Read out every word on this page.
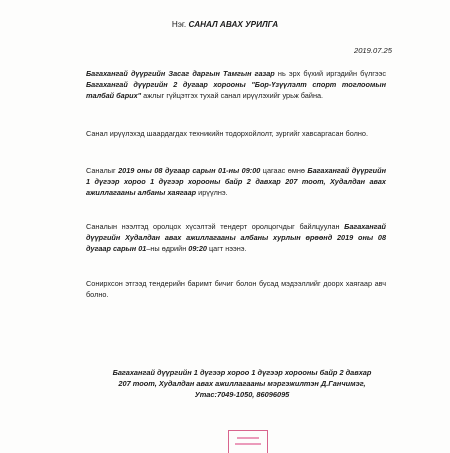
Нэг. САНАЛ АВАХ УРИЛГА
2019.07.25
Багахангай дүүргийн Засаг даргын Тамгын газар нь эрх бүхий иргэдийн бүлгээс Багахангай дүүргийн 2 дугаар хорооны "Бор-Үзүүлэлт спорт тоглоомын талбай барих" ажлыг гүйцэтгэх тухай санал ирүүлэхийг урьж байна.
Санал ирүүлэхэд шаардагдах техникийн тодорхойлолт, зургийг хавсаргасан болно.
Саналыг 2019 оны 08 дугаар сарын 01-ны 09:00 цагаас өмнө Багахангай дүүргийн 1 дүгээр хороо 1 дүгээр хорооны байр 2 давхар 207 тоот, Худалдан авах ажиллагааны албаны хаягаар ирүүлнэ.
Саналын нээлтэд оролцох хүсэлтэй тендерт оролцогчдыг байлцуулан Багахангай дүүргийн Худалдан авах ажиллагааны албаны хурлын өрөөнд 2019 оны 08 дугаар сарын 01–ны өдрийн 09:20 цагт нээнэ.
Сонирхсон этгээд тендерийн баримт бичиг болон бусад мэдээллийг доорх хаягаар авч болно.
Багахангай дүүргийн 1 дүгээр хороо 1 дүгээр хорооны байр 2 давхар
207 тоот, Худалдан авах ажиллагааны мэргэжилтэн Д.Ганчимэг,
Утас:7049-1050, 86096095
